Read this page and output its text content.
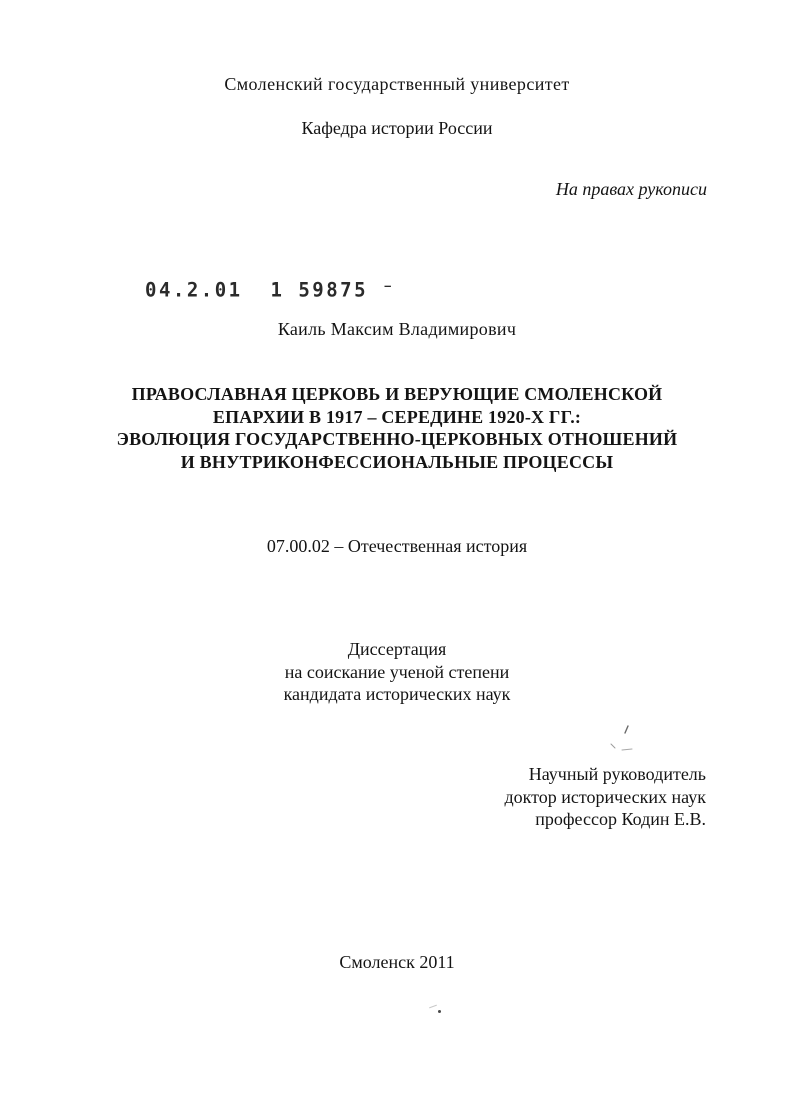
Смоленский государственный университет
Кафедра истории России
На правах рукописи
04.2.01  1 59875 ⁻
Каиль Максим Владимирович
ПРАВОСЛАВНАЯ ЦЕРКОВЬ И ВЕРУЮЩИЕ СМОЛЕНСКОЙ
ЕПАРХИИ В 1917 – СЕРЕДИНЕ 1920-Х ГГ.:
ЭВОЛЮЦИЯ ГОСУДАРСТВЕННО-ЦЕРКОВНЫХ ОТНОШЕНИЙ
И ВНУТРИКОНФЕССИОНАЛЬНЫЕ ПРОЦЕССЫ
07.00.02 – Отечественная история
Диссертация
на соискание ученой степени
кандидата исторических наук
Научный руководитель
доктор исторических наук
профессор Кодин Е.В.
Смоленск 2011
